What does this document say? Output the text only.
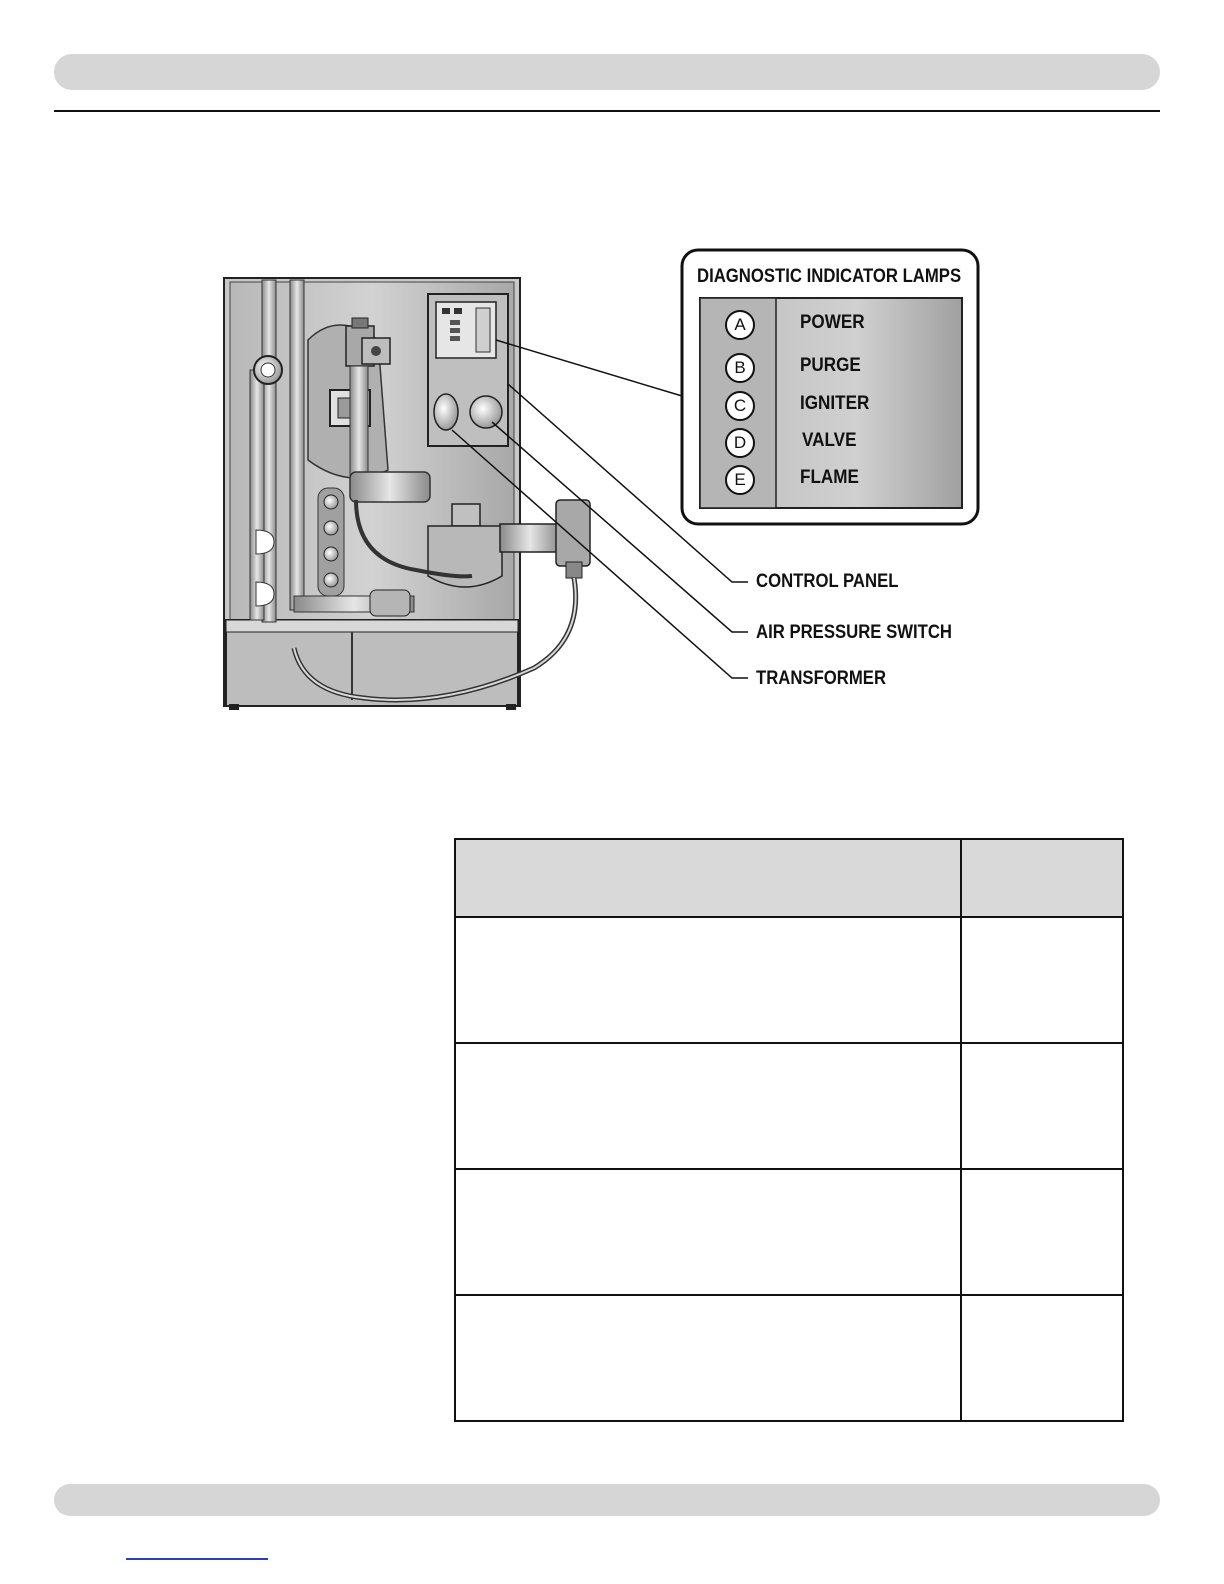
DIAGNOSTIC INDICATOR LAMPS
A	POWER
B	PURGE
C	IGNITER
D	VALVE
E	FLAME
CONTROL PANEL
AIR PRESSURE SWITCH
TRANSFORMER
